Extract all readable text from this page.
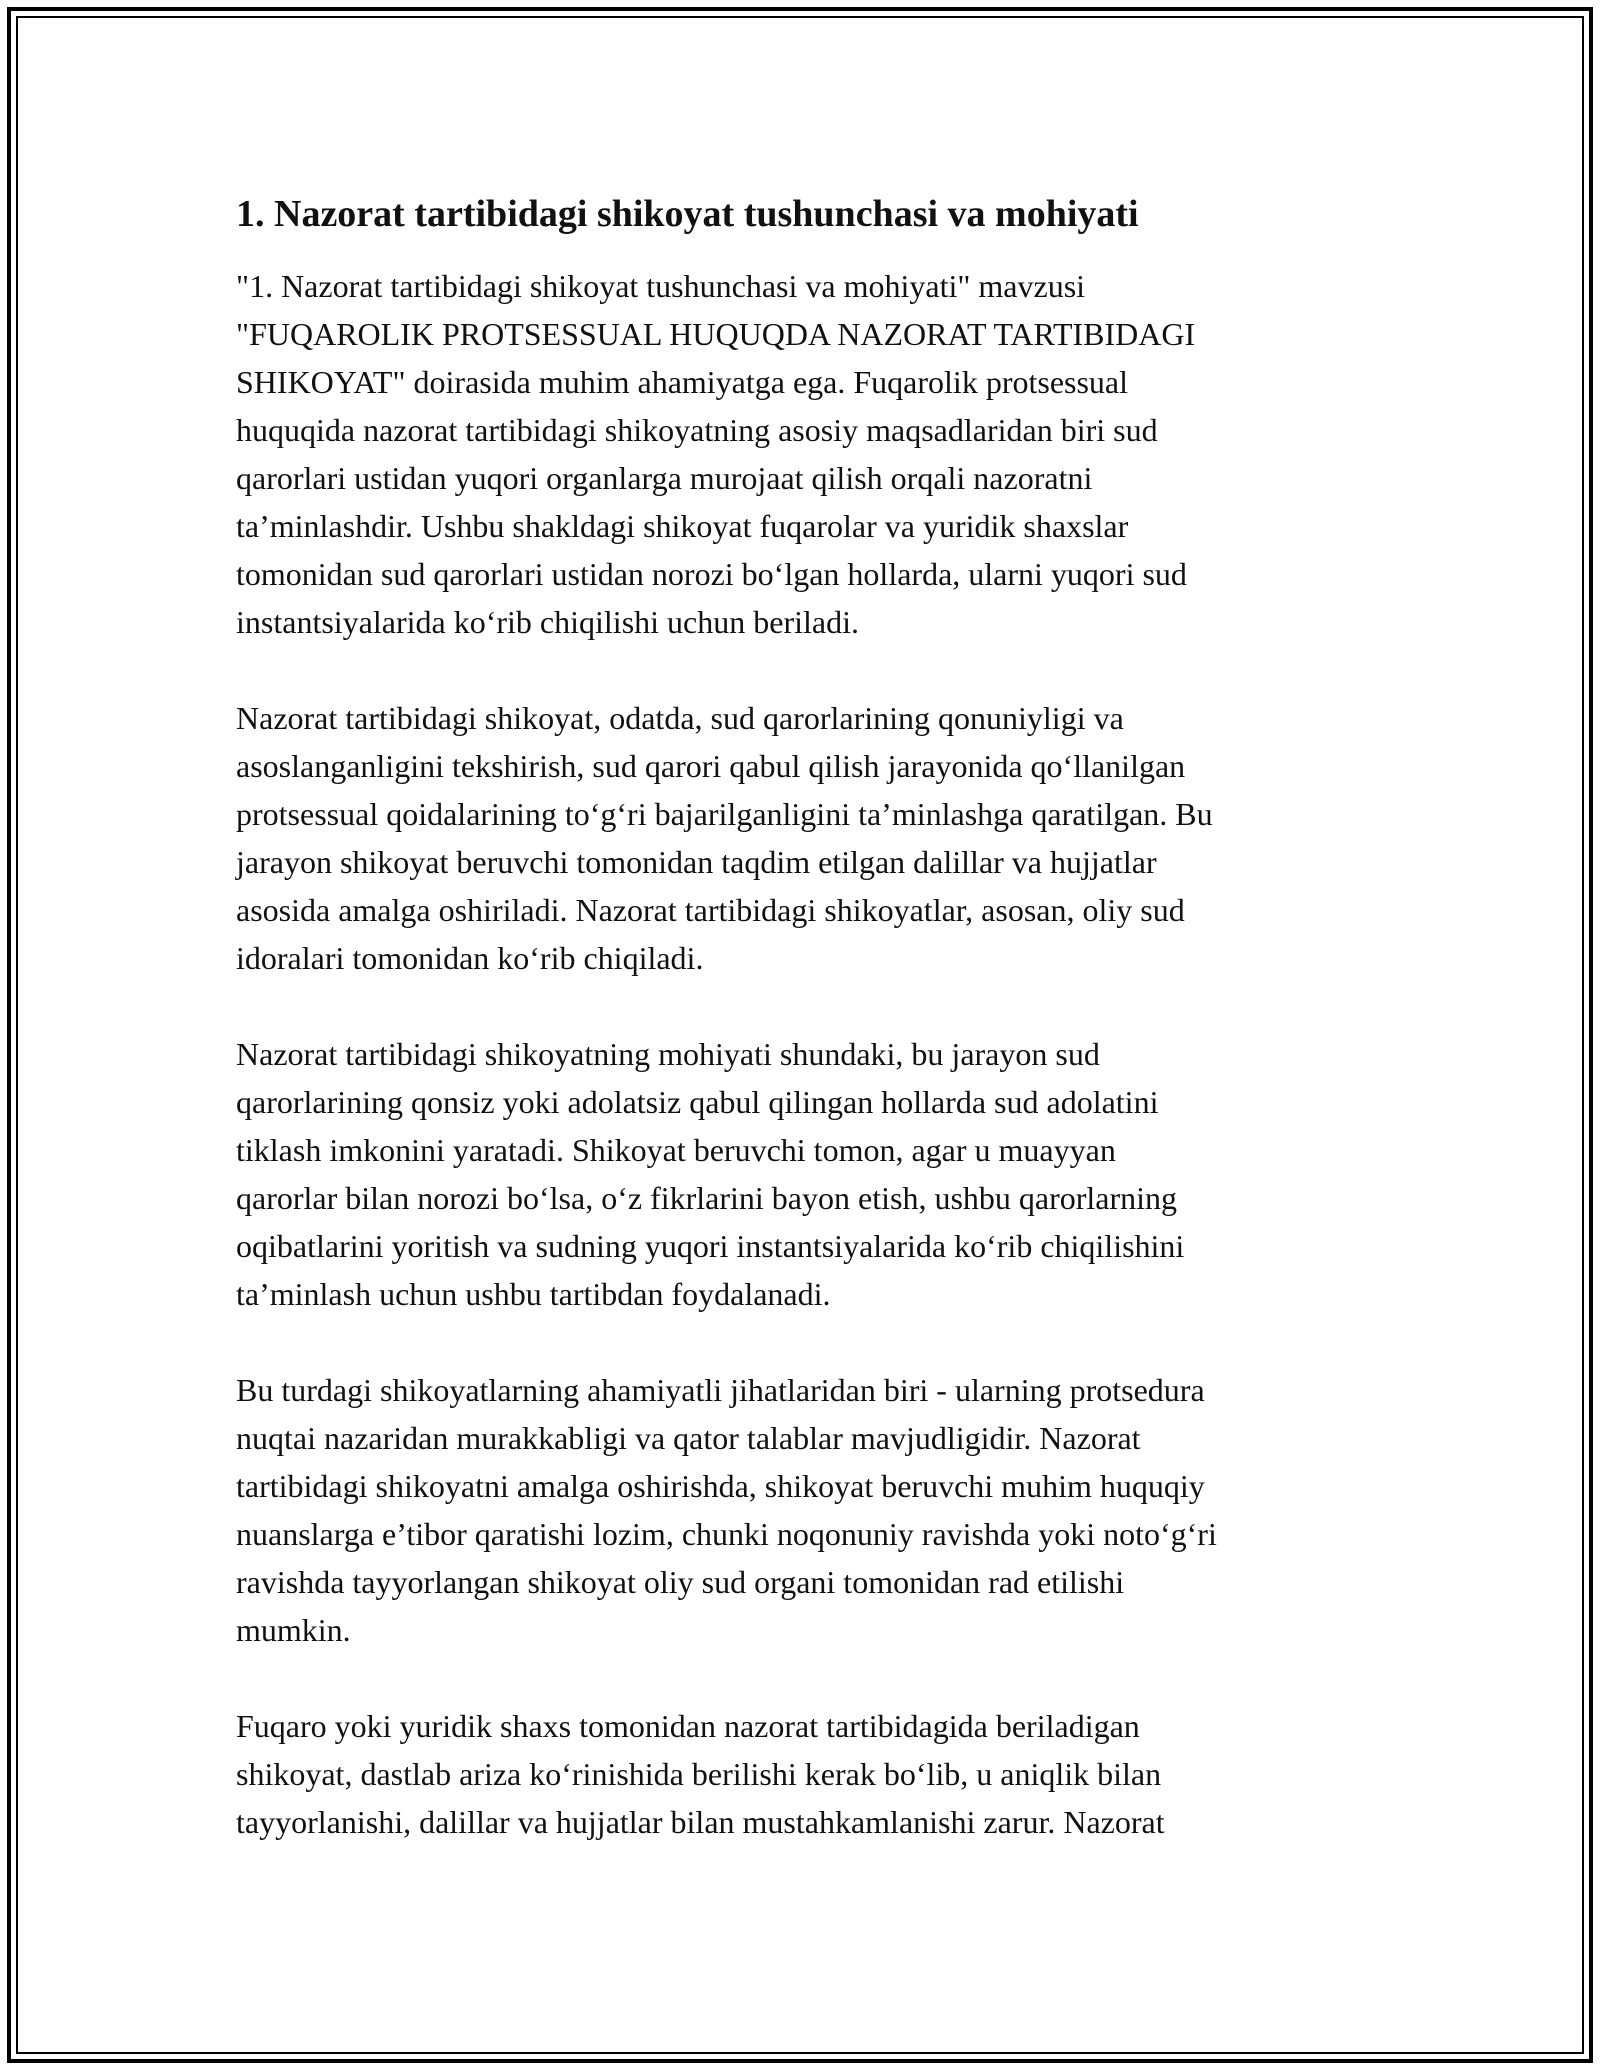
1. Nazorat tartibidagi shikoyat tushunchasi va mohiyati

"1. Nazorat tartibidagi shikoyat tushunchasi va mohiyati" mavzusi
"FUQAROLIK PROTSESSUAL HUQUQDA NAZORAT TARTIBIDAGI
SHIKOYAT" doirasida muhim ahamiyatga ega. Fuqarolik protsessual
huquqida nazorat tartibidagi shikoyatning asosiy maqsadlaridan biri sud
qarorlari ustidan yuqori organlarga murojaat qilish orqali nazoratni
ta’minlashdir. Ushbu shakldagi shikoyat fuqarolar va yuridik shaxslar
tomonidan sud qarorlari ustidan norozi bo‘lgan hollarda, ularni yuqori sud
instantsiyalarida ko‘rib chiqilishi uchun beriladi.

Nazorat tartibidagi shikoyat, odatda, sud qarorlarining qonuniyligi va
asoslanganligini tekshirish, sud qarori qabul qilish jarayonida qo‘llanilgan
protsessual qoidalarining to‘g‘ri bajarilganligini ta’minlashga qaratilgan. Bu
jarayon shikoyat beruvchi tomonidan taqdim etilgan dalillar va hujjatlar
asosida amalga oshiriladi. Nazorat tartibidagi shikoyatlar, asosan, oliy sud
idoralari tomonidan ko‘rib chiqiladi.

Nazorat tartibidagi shikoyatning mohiyati shundaki, bu jarayon sud
qarorlarining qonsiz yoki adolatsiz qabul qilingan hollarda sud adolatini
tiklash imkonini yaratadi. Shikoyat beruvchi tomon, agar u muayyan
qarorlar bilan norozi bo‘lsa, o‘z fikrlarini bayon etish, ushbu qarorlarning
oqibatlarini yoritish va sudning yuqori instantsiyalarida ko‘rib chiqilishini
ta’minlash uchun ushbu tartibdan foydalanadi.

Bu turdagi shikoyatlarning ahamiyatli jihatlaridan biri - ularning protsedura
nuqtai nazaridan murakkabligi va qator talablar mavjudligidir. Nazorat
tartibidagi shikoyatni amalga oshirishda, shikoyat beruvchi muhim huquqiy
nuanslarga e’tibor qaratishi lozim, chunki noqonuniy ravishda yoki noto‘g‘ri
ravishda tayyorlangan shikoyat oliy sud organi tomonidan rad etilishi
mumkin.

Fuqaro yoki yuridik shaxs tomonidan nazorat tartibidagida beriladigan
shikoyat, dastlab ariza ko‘rinishida berilishi kerak bo‘lib, u aniqlik bilan
tayyorlanishi, dalillar va hujjatlar bilan mustahkamlanishi zarur. Nazorat
